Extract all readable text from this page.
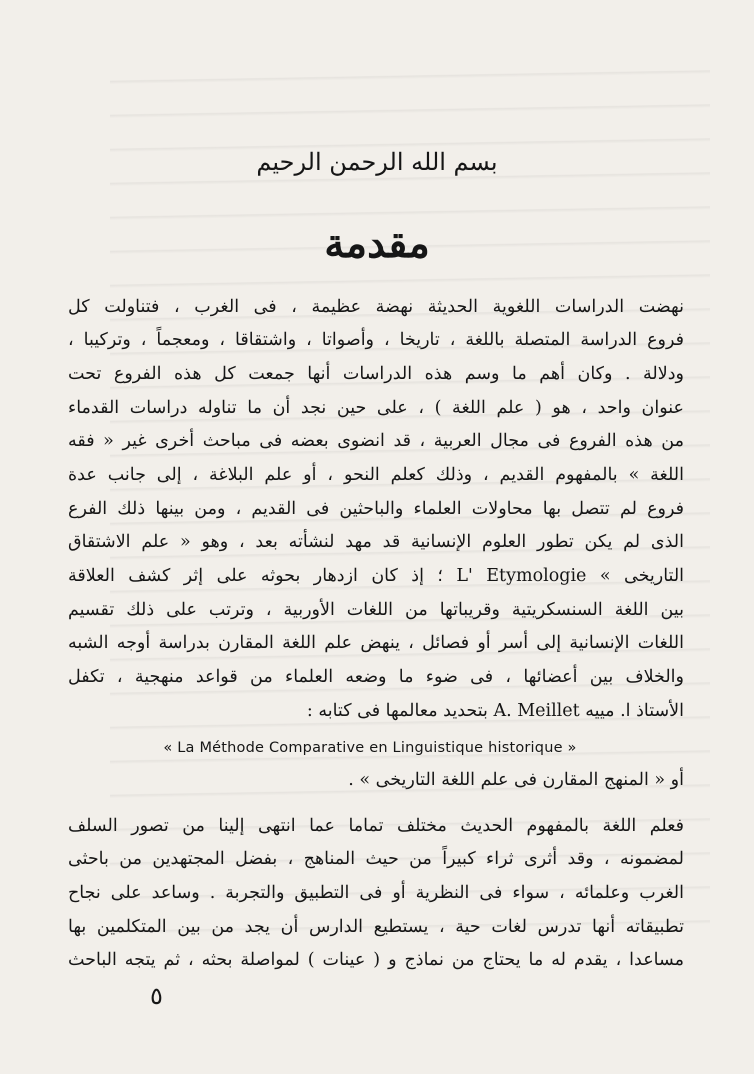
بسم الله الرحمن الرحيم
مقدمة
نهضت الدراسات اللغوية الحديثة نهضة عظيمة ، فى الغرب ، فتناولت كل
فروع الدراسة المتصلة باللغة ، تاريخا ، وأصواتا ، واشتقاقا ، ومعجماً ، وتركيبا ،
ودلالة . وكان أهم ما وسم هذه الدراسات أنها جمعت كل هذه الفروع تحت
عنوان واحد ، هو ( علم اللغة ) ، على حين نجد أن ما تناوله دراسات القدماء
من هذه الفروع فى مجال العربية ، قد انضوى بعضه فى مباحث أخرى غير « فقه
اللغة » بالمفهوم القديم ، وذلك كعلم النحو ، أو علم البلاغة ، إلى جانب عدة
فروع لم تتصل بها محاولات العلماء والباحثين فى القديم ، ومن بينها ذلك الفرع
الذى لم يكن تطور العلوم الإنسانية قد مهد لنشأته بعد ، وهو « علم الاشتقاق
التاريخى » L' Etymologie ؛ إذ كان ازدهار بحوثه على إثر كشف العلاقة
بين اللغة السنسكريتية وقريباتها من اللغات الأوربية ، وترتب على ذلك تقسيم
اللغات الإنسانية إلى أسر أو فصائل ، ينهض علم اللغة المقارن بدراسة أوجه الشبه
والخلاف بين أعضائها ، فى ضوء ما وضعه العلماء من قواعد منهجية ، تكفل
الأستاذ ا. مييه A. Meillet بتحديد معالمها فى كتابه :
« La Méthode Comparative en Linguistique historique »
أو « المنهج المقارن فى علم اللغة التاريخى » .
فعلم اللغة بالمفهوم الحديث مختلف تماما عما انتهى إلينا من تصور السلف
لمضمونه ، وقد أثرى ثراء كبيراً من حيث المناهج ، بفضل المجتهدين من باحثى
الغرب وعلمائه ، سواء فى النظرية أو فى التطبيق والتجربة . وساعد على نجاح
تطبيقاته أنها تدرس لغات حية ، يستطيع الدارس أن يجد من بين المتكلمين بها
مساعدا ، يقدم له ما يحتاج من نماذج و ( عينات ) لمواصلة بحثه ، ثم يتجه الباحث
٥
